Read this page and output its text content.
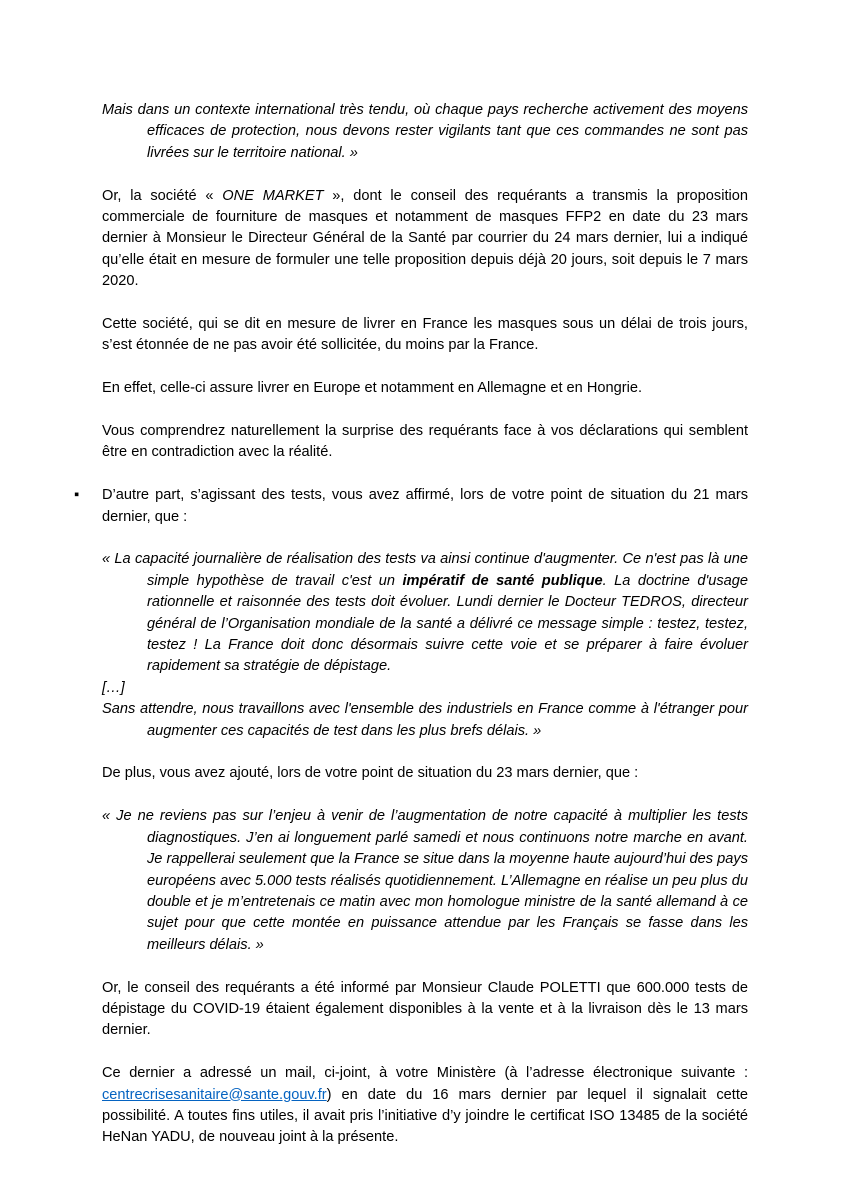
Mais dans un contexte international très tendu, où chaque pays recherche activement des moyens efficaces de protection, nous devons rester vigilants tant que ces commandes ne sont pas livrées sur le territoire national. »

Or, la société « ONE MARKET », dont le conseil des requérants a transmis la proposition commerciale de fourniture de masques et notamment de masques FFP2 en date du 23 mars dernier à Monsieur le Directeur Général de la Santé par courrier du 24 mars dernier, lui a indiqué qu’elle était en mesure de formuler une telle proposition depuis déjà 20 jours, soit depuis le 7 mars 2020.

Cette société, qui se dit en mesure de livrer en France les masques sous un délai de trois jours, s’est étonnée de ne pas avoir été sollicitée, du moins par la France.

En effet, celle-ci assure livrer en Europe et notamment en Allemagne et en Hongrie.

Vous comprendrez naturellement la surprise des requérants face à vos déclarations qui semblent être en contradiction avec la réalité.

▪ D’autre part, s’agissant des tests, vous avez affirmé, lors de votre point de situation du 21 mars dernier, que :

« La capacité journalière de réalisation des tests va ainsi continue d'augmenter. Ce n'est pas là une simple hypothèse de travail c'est un impératif de santé publique. La doctrine d'usage rationnelle et raisonnée des tests doit évoluer. Lundi dernier le Docteur TEDROS, directeur général de l’Organisation mondiale de la santé a délivré ce message simple : testez, testez, testez ! La France doit donc désormais suivre cette voie et se préparer à faire évoluer rapidement sa stratégie de dépistage.

[…]

Sans attendre, nous travaillons avec l'ensemble des industriels en France comme à l'étranger pour augmenter ces capacités de test dans les plus brefs délais. »

De plus, vous avez ajouté, lors de votre point de situation du 23 mars dernier, que :

« Je ne reviens pas sur l’enjeu à venir de l’augmentation de notre capacité à multiplier les tests diagnostiques. J’en ai longuement parlé samedi et nous continuons notre marche en avant. Je rappellerai seulement que la France se situe dans la moyenne haute aujourd’hui des pays européens avec 5.000 tests réalisés quotidiennement. L’Allemagne en réalise un peu plus du double et je m’entretenais ce matin avec mon homologue ministre de la santé allemand à ce sujet pour que cette montée en puissance attendue par les Français se fasse dans les meilleurs délais. »

Or, le conseil des requérants a été informé par Monsieur Claude POLETTI que 600.000 tests de dépistage du COVID-19 étaient également disponibles à la vente et à la livraison dès le 13 mars dernier.

Ce dernier a adressé un mail, ci-joint, à votre Ministère (à l’adresse électronique suivante : centrecrisesanitaire@sante.gouv.fr) en date du 16 mars dernier par lequel il signalait cette possibilité. A toutes fins utiles, il avait pris l’initiative d’y joindre le certificat ISO 13485 de la société HeNan YADU, de nouveau joint à la présente.
